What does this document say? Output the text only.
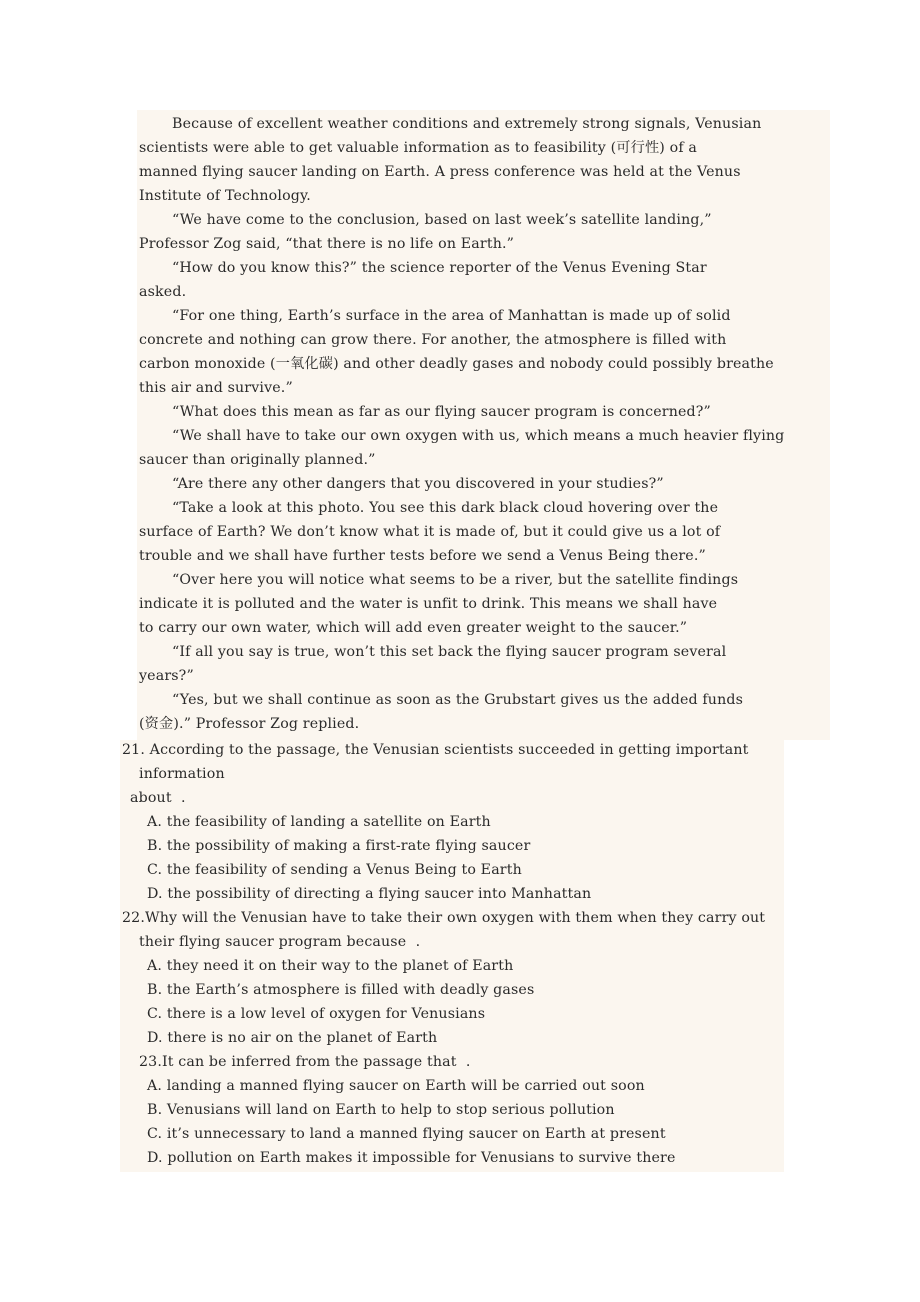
Because of excellent weather conditions and extremely strong signals, Venusian
scientists were able to get valuable information as to feasibility (可行性) of a
manned flying saucer landing on Earth. A press conference was held at the Venus
Institute of Technology.
“We have come to the conclusion, based on last week’s satellite landing,”
Professor Zog said, “that there is no life on Earth.”
“How do you know this?” the science reporter of the Venus Evening Star
asked.
“For one thing, Earth’s surface in the area of Manhattan is made up of solid
concrete and nothing can grow there. For another, the atmosphere is filled with
carbon monoxide (一氧化碳) and other deadly gases and nobody could possibly breathe
this air and survive.”
“What does this mean as far as our flying saucer program is concerned?”
“We shall have to take our own oxygen with us, which means a much heavier flying
saucer than originally planned.”
“Are there any other dangers that you discovered in your studies?”
“Take a look at this photo. You see this dark black cloud hovering over the
surface of Earth? We don’t know what it is made of, but it could give us a lot of
trouble and we shall have further tests before we send a Venus Being there.”
“Over here you will notice what seems to be a river, but the satellite findings
indicate it is polluted and the water is unfit to drink. This means we shall have
to carry our own water, which will add even greater weight to the saucer.”
“If all you say is true, won’t this set back the flying saucer program several
years?”
“Yes, but we shall continue as soon as the Grubstart gives us the added funds
(资金).” Professor Zog replied.
21. According to the passage, the Venusian scientists succeeded in getting important
information
about  .
A. the feasibility of landing a satellite on Earth
B. the possibility of making a first-rate flying saucer
C. the feasibility of sending a Venus Being to Earth
D. the possibility of directing a flying saucer into Manhattan
22.Why will the Venusian have to take their own oxygen with them when they carry out
their flying saucer program because  .
A. they need it on their way to the planet of Earth
B. the Earth’s atmosphere is filled with deadly gases
C. there is a low level of oxygen for Venusians
D. there is no air on the planet of Earth
23.It can be inferred from the passage that  .
A. landing a manned flying saucer on Earth will be carried out soon
B. Venusians will land on Earth to help to stop serious pollution
C. it’s unnecessary to land a manned flying saucer on Earth at present
D. pollution on Earth makes it impossible for Venusians to survive there
